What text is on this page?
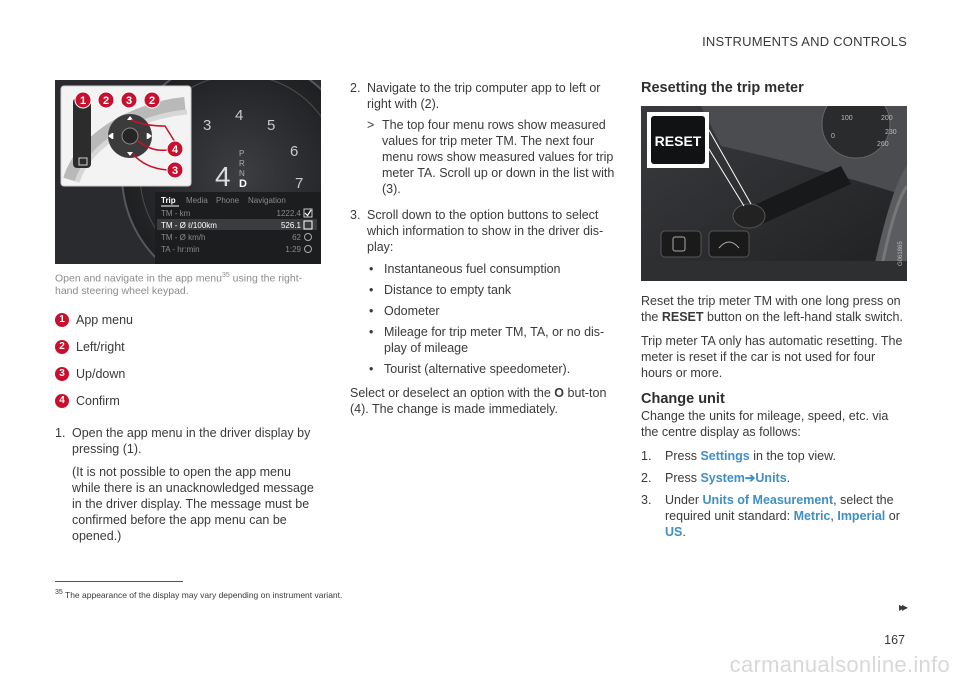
INSTRUMENTS AND CONTROLS
3
4
5
6
7
P
R
N
D
4
Trip Media Phone Navigation
TM - km	1222.4
TM - Ø ℓ/100km	526.1
TM - Ø km/h	62
TA - hr:min	1:29
1 2 3 2
4
3
Open and navigate in the app menu$^{35}$ using the right-hand steering wheel keypad.
1 App menu
2 Left/right
3 Up/down
4 Confirm
1. Open the app menu in the driver display by pressing (1).
(It is not possible to open the app menu while there is an unacknowledged message in the driver display. The message must be confirmed before the app menu can be opened.)
2. Navigate to the trip computer app to left or right with (2).
> The top four menu rows show measured values for trip meter TM. The next four menu rows show measured values for trip meter TA. Scroll up or down in the list with (3).
3. Scroll down to the option buttons to select which information to show in the driver dis-play:
• Instantaneous fuel consumption
• Distance to empty tank
• Odometer
• Mileage for trip meter TM, TA, or no dis-play of mileage
• Tourist (alternative speedometer).
Select or deselect an option with the O but-ton (4). The change is made immediately.
Resetting the trip meter
100	200
230
260
0
RESET
G061865
Reset the trip meter TM with one long press on the RESET button on the left-hand stalk switch.
Trip meter TA only has automatic resetting. The meter is reset if the car is not used for four hours or more.
Change unit
Change the units for mileage, speed, etc. via the centre display as follows:
1. Press Settings in the top view.
2. Press System➔Units.
3. Under Units of Measurement, select the required unit standard: Metric, Imperial or US.
$^{35}$ The appearance of the display may vary depending on instrument variant.
▸▸
167
carmanualsonline.info
